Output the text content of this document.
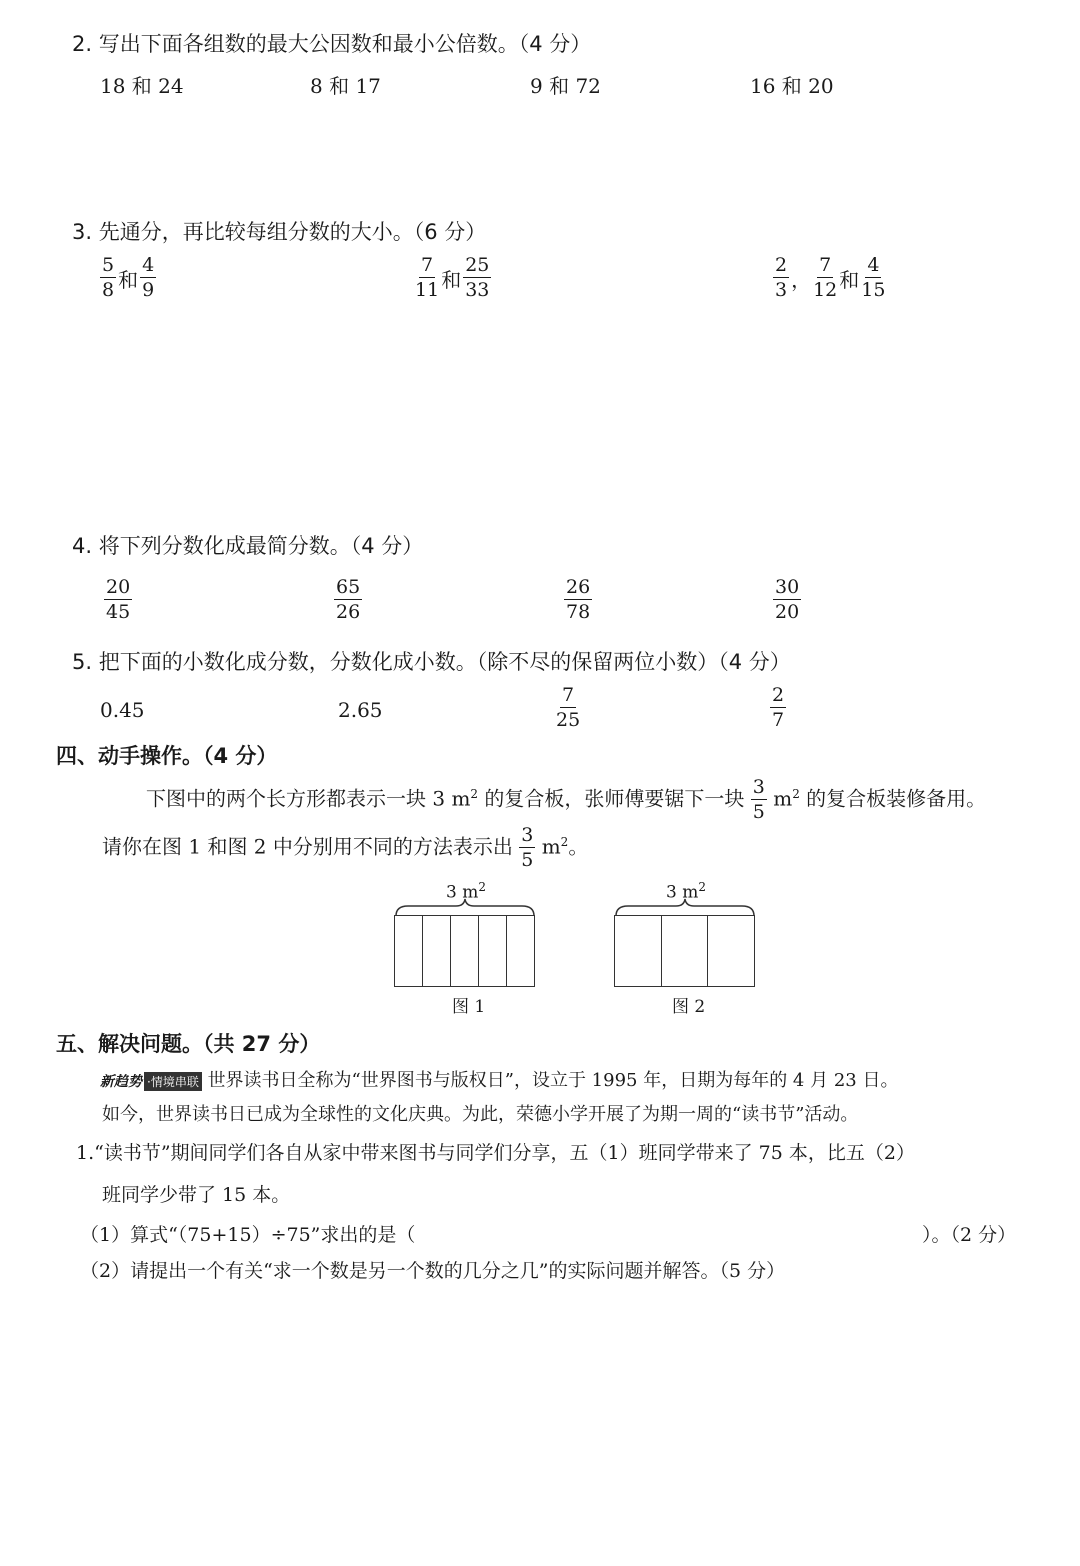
2. 写出下面各组数的最大公因数和最小公倍数。（4 分）
18 和 24	8 和 17	9 和 72	16 和 20
3. 先通分，再比较每组分数的大小。（6 分）
$\frac{5}{8}$ 和 $\frac{4}{9}$	$\frac{7}{11}$ 和 $\frac{25}{33}$	$\frac{2}{3}$ ， $\frac{7}{12}$ 和 $\frac{4}{15}$
4. 将下列分数化成最简分数。（4 分）
$\frac{20}{45}$	$\frac{65}{26}$	$\frac{26}{78}$	$\frac{30}{20}$
5. 把下面的小数化成分数，分数化成小数。（除不尽的保留两位小数）（4 分）
0.45	2.65	$\frac{7}{25}$	$\frac{2}{7}$
四、动手操作。（4 分）
下图中的两个长方形都表示一块 3 $m^2$ 的复合板，张师傅要锯下一块 $\frac{3}{5} m^2$ 的复合板装修备用。
请你在图 1 和图 2 中分别用不同的方法表示出 $\frac{3}{5} m^2$。
3 $m^2$
图 1
3 $m^2$
图 2
五、解决问题。（共 27 分）
新趋势 ·情境串联 世界读书日全称为“世界图书与版权日”，设立于 1995 年，日期为每年的 4 月 23 日。
如今，世界读书日已成为全球性的文化庆典。为此，荣德小学开展了为期一周的“读书节”活动。
1.“读书节”期间同学们各自从家中带来图书与同学们分享，五（1）班同学带来了 75 本，比五（2）
班同学少带了 15 本。
（1）算式“（75+15）÷75”求出的是（	）。（2 分）
（2）请提出一个有关“求一个数是另一个数的几分之几”的实际问题并解答。（5 分）
